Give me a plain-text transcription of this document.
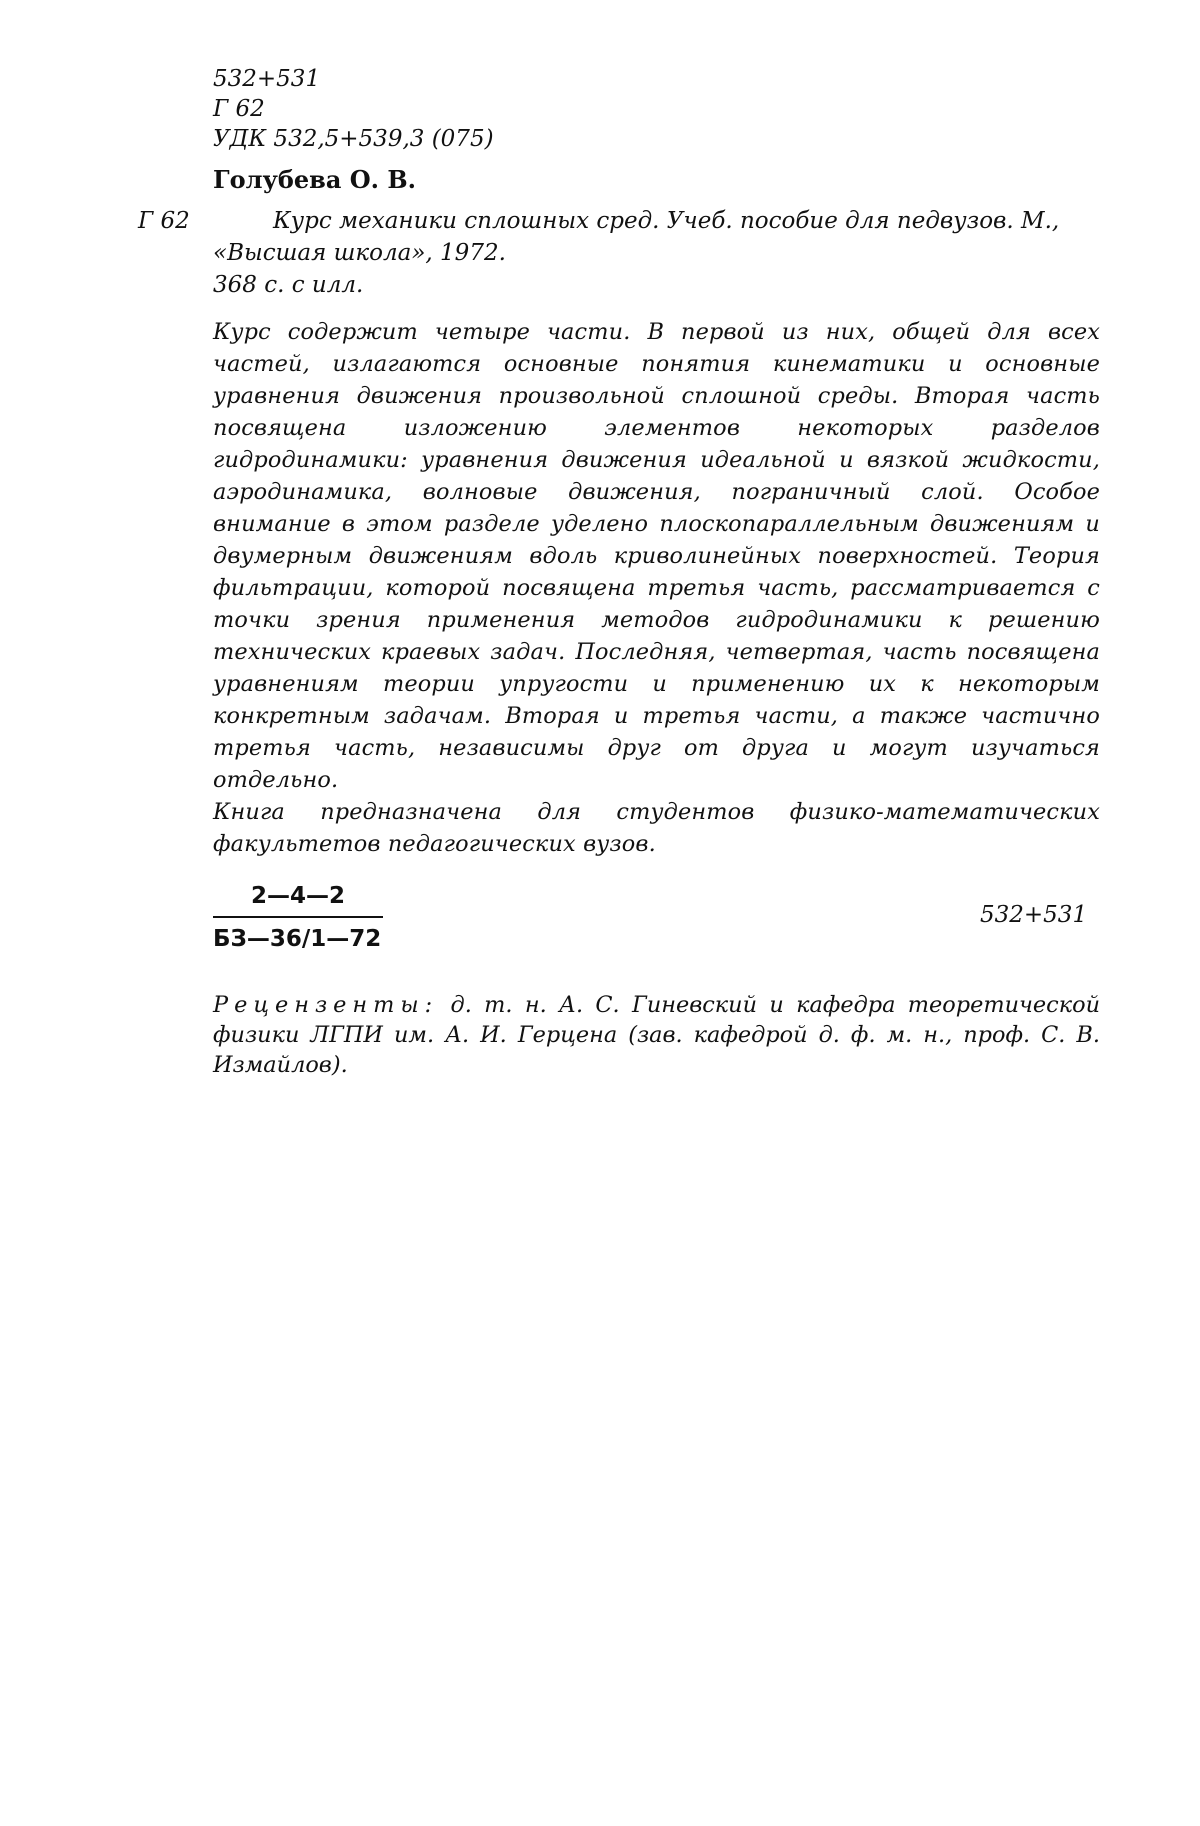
532+531
Г 62
УДК 532,5+539,3 (075)
Голубева О. В.
Г 62	Курс механики сплошных сред. Учеб. пособие для педвузов. М.,
«Высшая школа», 1972.
368 с. с илл.

Курс содержит четыре части. В первой из них, общей для всех частей, излагаются основные понятия кинематики и основные уравнения движения произвольной сплошной среды. Вторая часть посвящена изложению элементов некоторых разделов гидродинамики: уравнения движения идеальной и вязкой жидкости, аэродинамика, волновые движения, пограничный слой. Особое внимание в этом разделе уделено плоскопараллельным движениям и двумерным движениям вдоль криволинейных поверхностей. Теория фильтрации, которой посвящена третья часть, рассматривается с точки зрения применения методов гидродинамики к решению технических краевых задач. Последняя, четвертая, часть посвящена уравнениям теории упругости и применению их к некоторым конкретным задачам. Вторая и третья части, а также частично третья часть, независимы друг от друга и могут изучаться отдельно.

Книга предназначена для студентов физико-математических факультетов педагогических вузов.

2—4—2
БЗ—36/1—72
532+531
Рецензенты: д. т. н. А. С. Гиневский и кафедра теоретической физики ЛГПИ им. А. И. Герцена (зав. кафедрой д. ф. м. н., проф. С. В. Измайлов).
